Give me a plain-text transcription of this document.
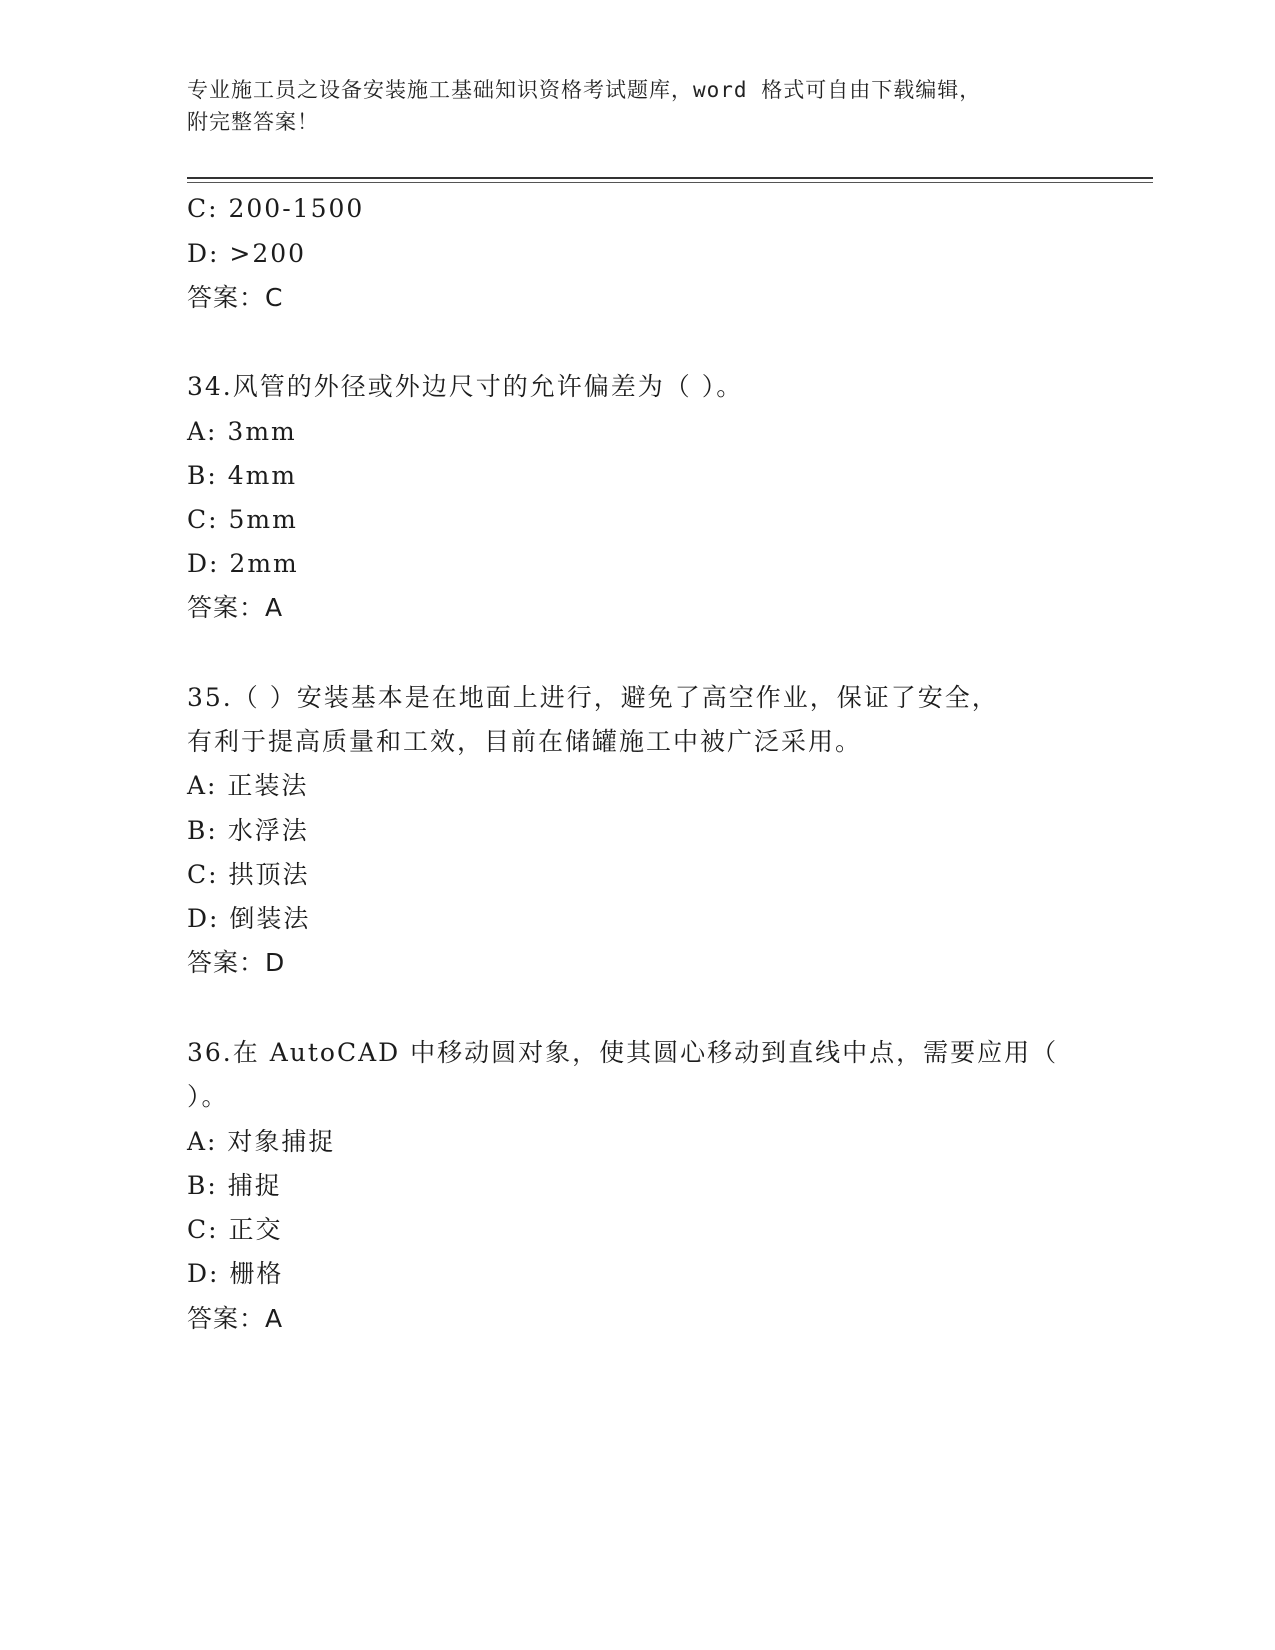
专业施工员之设备安装施工基础知识资格考试题库，word 格式可自由下载编辑，
附完整答案！
C: 200-1500
D: >200
答案：C
34.风管的外径或外边尺寸的允许偏差为（ ）。
A: 3mm
B: 4mm
C: 5mm
D: 2mm
答案：A
35.（ ）安装基本是在地面上进行，避免了高空作业，保证了安全，
有利于提高质量和工效，目前在储罐施工中被广泛采用。
A: 正装法
B: 水浮法
C: 拱顶法
D: 倒装法
答案：D
36.在 AutoCAD 中移动圆对象，使其圆心移动到直线中点，需要应用（
）。
A: 对象捕捉
B: 捕捉
C: 正交
D: 栅格
答案：A
